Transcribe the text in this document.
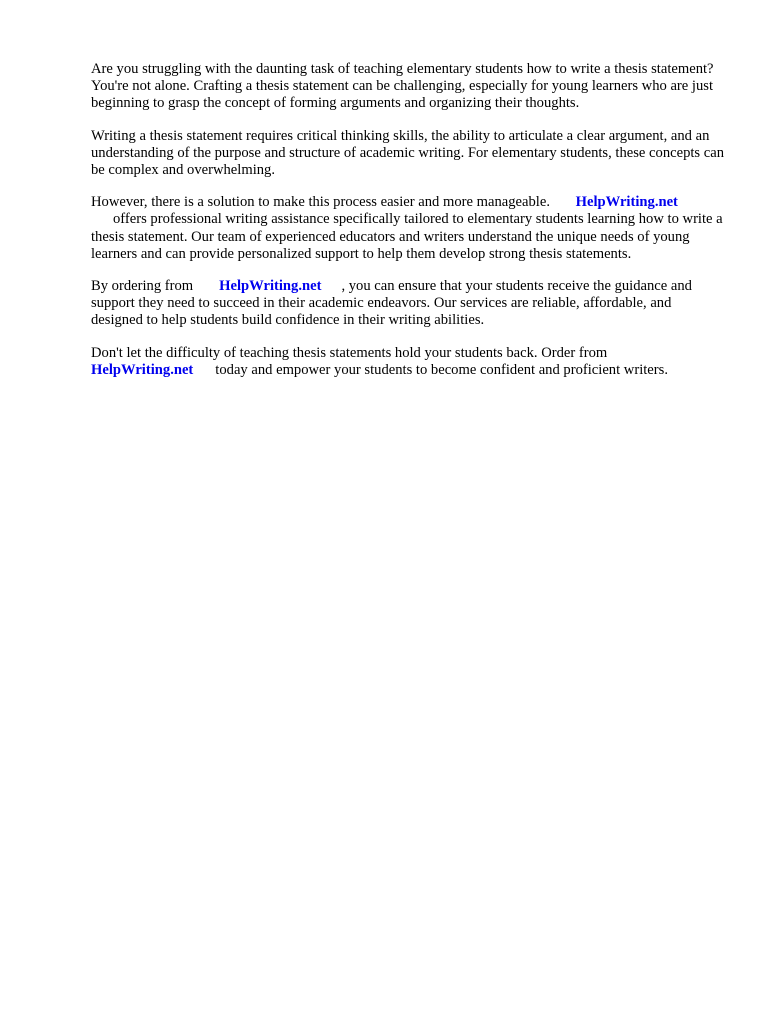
Are you struggling with the daunting task of teaching elementary students how to write a thesis statement? You're not alone. Crafting a thesis statement can be challenging, especially for young learners who are just beginning to grasp the concept of forming arguments and organizing their thoughts.

Writing a thesis statement requires critical thinking skills, the ability to articulate a clear argument, and an understanding of the purpose and structure of academic writing. For elementary students, these concepts can be complex and overwhelming.

However, there is a solution to make this process easier and more manageable. HelpWriting.net
offers professional writing assistance specifically tailored to elementary students learning how to write a thesis statement. Our team of experienced educators and writers understand the unique needs of young learners and can provide personalized support to help them develop strong thesis statements.

By ordering from HelpWriting.net , you can ensure that your students receive the guidance and support they need to succeed in their academic endeavors. Our services are reliable, affordable, and designed to help students build confidence in their writing abilities.

Don't let the difficulty of teaching thesis statements hold your students back. Order from
HelpWriting.net today and empower your students to become confident and proficient writers.
